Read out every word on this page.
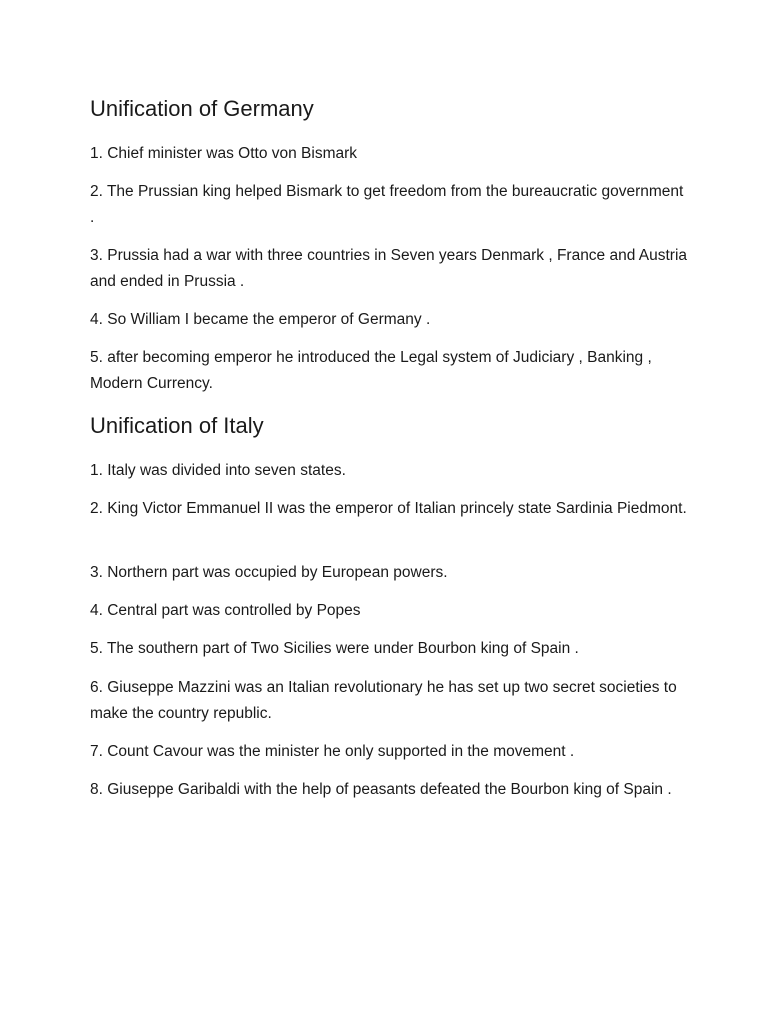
Unification of Germany

1. Chief minister was Otto von Bismark

2. The Prussian king helped Bismark to get freedom from the bureaucratic government .

3. Prussia had a war with three countries in Seven years Denmark , France and Austria and ended in Prussia .

4. So William I became the emperor of Germany .

5. after becoming emperor he introduced the Legal system of Judiciary , Banking , Modern Currency.

Unification of Italy

1. Italy was divided into seven states.

2. King Victor Emmanuel II was the emperor of Italian princely state Sardinia Piedmont.

3. Northern part was occupied by European powers.

4. Central part was controlled by Popes

5. The southern part of Two Sicilies were under Bourbon king of Spain .

6. Giuseppe Mazzini was an Italian revolutionary he has set up two secret societies to make the country republic.

7. Count Cavour was the minister he only supported in the movement .

8. Giuseppe Garibaldi with the help of peasants defeated the Bourbon king of Spain .
